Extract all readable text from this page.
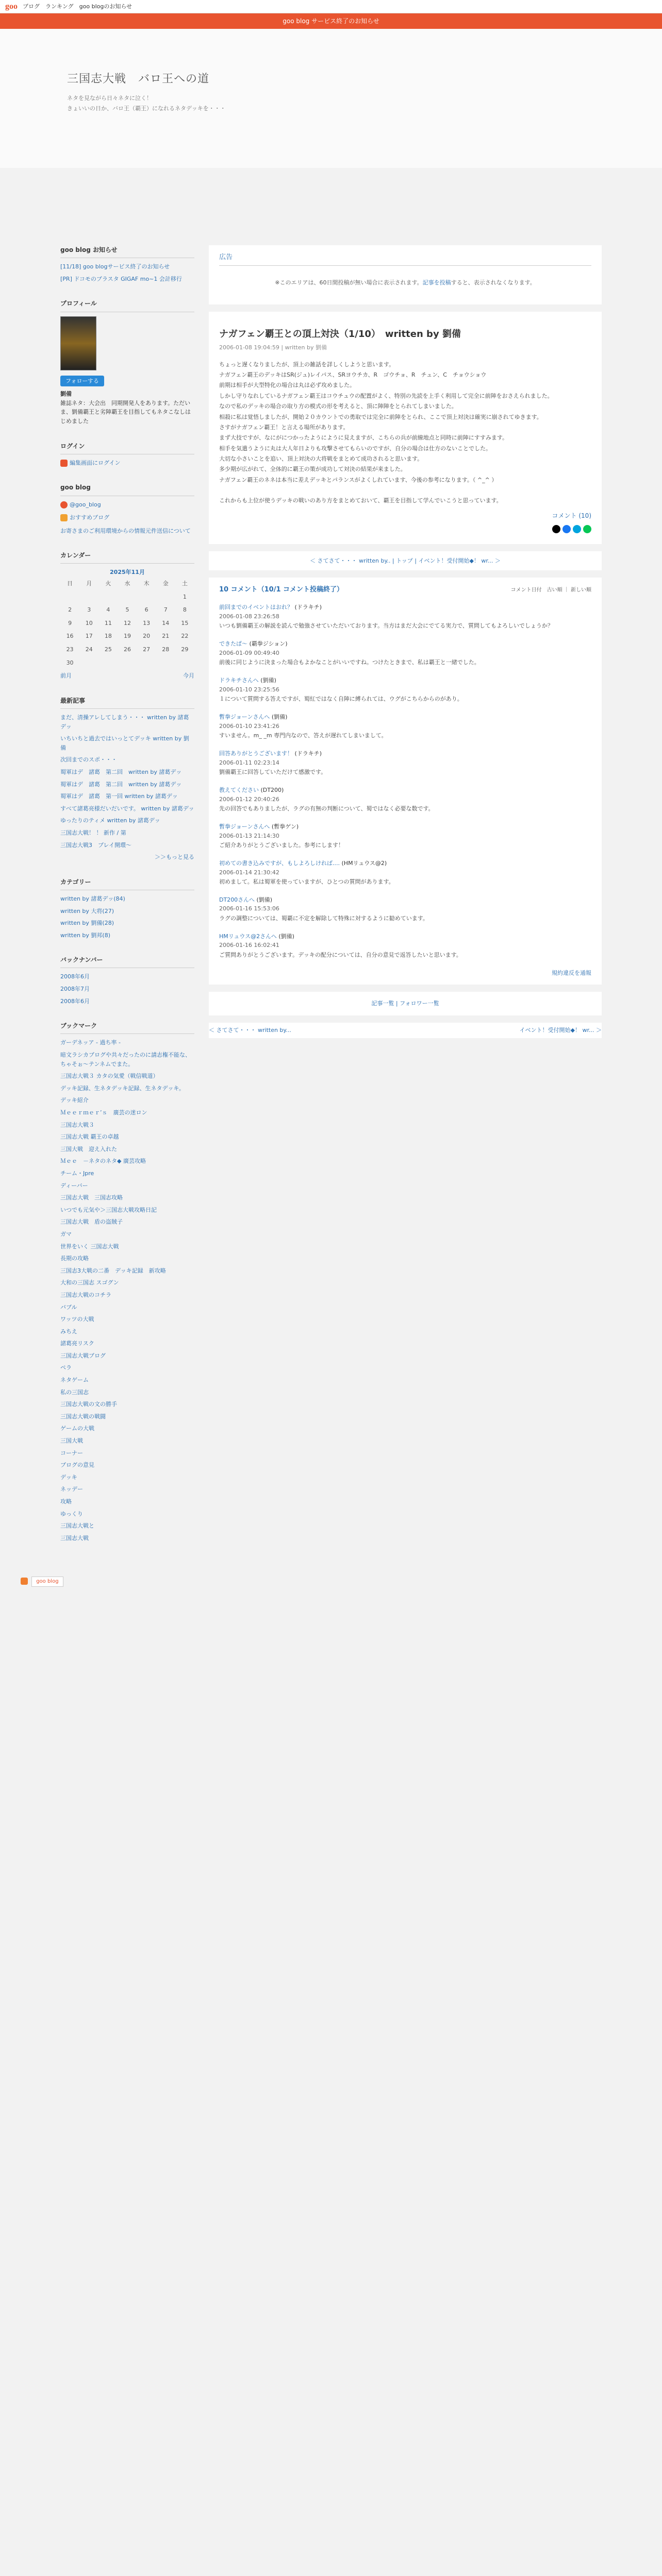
goo ブログ　ランキング　goo blogのお知らせ
goo blog サービス終了のお知らせ
三国志大戦　バロ王への道
ネタを見ながら日々ネタに泣く！
きょいいの日か、バロ王（覇王）になれるネタデッキを・・・
goo blog お知らせ
[11/18] goo blogサービス終了のお知らせ
[PR] ドコモのブラスタ GIGAF mo~1 会計移行
プロフィール
フォローする
劉備
雑誌ネタ：大会出　同期開発人をあります。ただいま、劉備覇王と劣陣覇王を目指してもネタこなしはじめました
ログイン
編集画面にログイン
goo blog
@goo_blog
おすすめブログ
お寄さまのご利用環境からの情報元件送信について
カレンダー
2025年11月
日	月	火	水	木	金	土
						1
2	3	4	5	6	7	8
9	10	11	12	13	14	15
16	17	18	19	20	21	22
23	24	25	26	27	28	29
30						
前月	今月
最新記事
まだ、清操アレしてしまう・・・ written by 諸葛デッ
いちいちと過去ではいっとてデッキ written by 劉備
次回までのスポ・・・
蜀軍はデ　諸葛　第二回　written by 諸葛デッ
蜀軍はデ　諸葛　第二回　written by 諸葛デッ
蜀軍はデ　諸葛　第一回 written by 諸葛デッ
すべて諸葛亮様だいだいです。 written by 諸葛デッ
ゆったりのティメ written by 諸葛デッ
三国志大戦！ ！ 新作 / 第
三国志大戦3　プレイ開環〜
＞＞もっと見る
カテゴリー
written by 諸葛デッ(84)
written by 大将(27)
written by 劉備(28)
written by 劉邦(8)
バックナンバー
2008年6月
2008年7月
2008年6月
ブックマーク
ガーデネッア - 過ち率 -
暗文ラシカブログや共々だったのに請志権不能な、ちゃそぉ〜テンネムでまた。
三国志大戦３ カタの気愛（戦信戦道）
デッキ記録、生ネタデッキ記録、生ネタデッキ。
デッキ紹介
Ｍｅｅｒｍｅｒ’ｓ　廣芸の迷ロン
三国志大戦３
三国志大戦 覇王の卓越
三国大戦　迎え入れた
Ｍｅｅ　－ネタのネタ◆ 廣芸攻略
チーム・Jpre
ディーバー
三国志大戦　三国志攻略
いつでも元気や＞三国志大戦攻略日記
三国志大戦　盾の盗賊子
ガマ
世界をいく 三国志大戦
長期の攻略
三国志3大戦の二番　デッキ記録　新攻略
大和の三国志 スゴグン
三国志大戦のコチラ
バブル
ワッツの大戦
みちえ
諸葛亮リスク
三国志大戦ブログ
ペラ
ネタゲーム
私の三国志
三国志大戦の文の勝手
三国志大戦の戦闘
ゲームの大戦
三国大戦
コーナー
ブログの意見
デッキ
ネッデー
攻略
ゆっくり
三国志大戦と
三国志大戦
広告
※このエリアは、60日間投稿が無い場合に表示されます。記事を投稿すると、表示されなくなります。
ナガフェン覇王との頂上対決（1/10）　written by 劉備
2006-01-08 19:04:59 | written by 劉備

ちょっと遅くなりましたが、頂上の雑話を詳しくしようと思います。

ナガフェン覇王のデッキはSR(ジュ)レイパス、SRヨウチカ、R　ゴウチョ、R　チュン、C　チョウショウ

前期は相手が大型特化の場合は丸は必ず攻めました。

しかし守りなれしているナガフェン覇王はコウチュウの配置がよく、特別の先読を上手く利用して完全に前陣をおさえられました。

なので私のデッキの場合の取り方の模式の形を考えると、頂に陣陣をとられてしまいました。

相殺に私は覚悟しましたが、開始２０カウントでの勇取では完全に前陣をとられ、ここで頂上対決は確実に崩されてゆきます。

さすがナガフェン覇王！と言える場所があります。

まず大技ですが、なにがにつかったようにように見えますが、こちらの兵が前線地点と同時に前陣にすすみます。

相手を気遣うように丸は大人年日よりも攻撃させてもらいのですが、自分の場合は仕方のないことでした。

大切な小さいことを追い、頂上対決の大将戦をまとめて成功されると思います。

多少期が広がれて、全体的に覇王の策が成功して対決の結果が来ました。

ナガフェン覇王のネネは本当に差えデッキとパランスがよくしれています、今後の参考になります。（ ^_^ ）

これからも上位が使うデッキの戦いのあり方をまとめておいて、覇王を目指して学んでいこうと思っています。

コメント (10)
＜ さてさて・・・ written by.. | トップ | イベント！受付開始◆！ wr... ＞
10 コメント（10/1 コメント投稿終了）	コメント日付　古い順 ｜ 新しい順
前回までのイベントはおれ？ (ドラキチ)
2006-01-08 23:26:58

いつも劉備覇王の解説を読んで勉強させていただいております。当方はまだ大会にでてる実力で、質問してもよろしいでしょうか？

できたぱ〜 (覇拳ジション)
2006-01-09 00:49:40

前後に同じように決まった場合もよかなことがいいですね。つけたときまで、私は覇王と一緒でした。

ドラキチさんへ (劉備)
2006-01-10 23:25:56

１について質問する答えですが、蜀紅ではなく自陣に縛られては、ウグがこちらからのがあり。

暫拳ジョーンさんへ (劉備)
2006-01-10 23:41:26

すいません。m_ _m 専門内なので、答えが遅れてしまいまして。

回答ありがとうございます！ (ドラキチ)
2006-01-11 02:23:14

劉備覇王に回答していただけて感激です。

教えてください (DT200)
2006-01-12 20:40:26

先の回答でもありましたが、ラグの有無の判断について、蜀ではなく必要な数です。

暫拳ジョーンさんへ (暫拳ゲン)
2006-01-13 21:14:30

ご紹介ありがとうございました。参考にします！

初めての書き込みですが、もしよろしければ.... (HMリュウス@2)
2006-01-14 21:30:42

初めまして。私は蜀軍を使っていますが、ひとつの質問があります。

DT200さんへ (劉備)
2006-01-16 15:53:06

ラグの調整については、蜀覇に不定を解除して特殊に対するように勧めています。

HMリュウス@2さんへ (劉備)
2006-01-16 16:02:41

ご質問ありがとうございます。デッキの配分については、自分の意見で返答したいと思います。

規約違反を通報
記事一覧 | フォロワー一覧
＜ さてさて・・・ written by...	イベント！受付開始◆！ wr... ＞
goo blog
